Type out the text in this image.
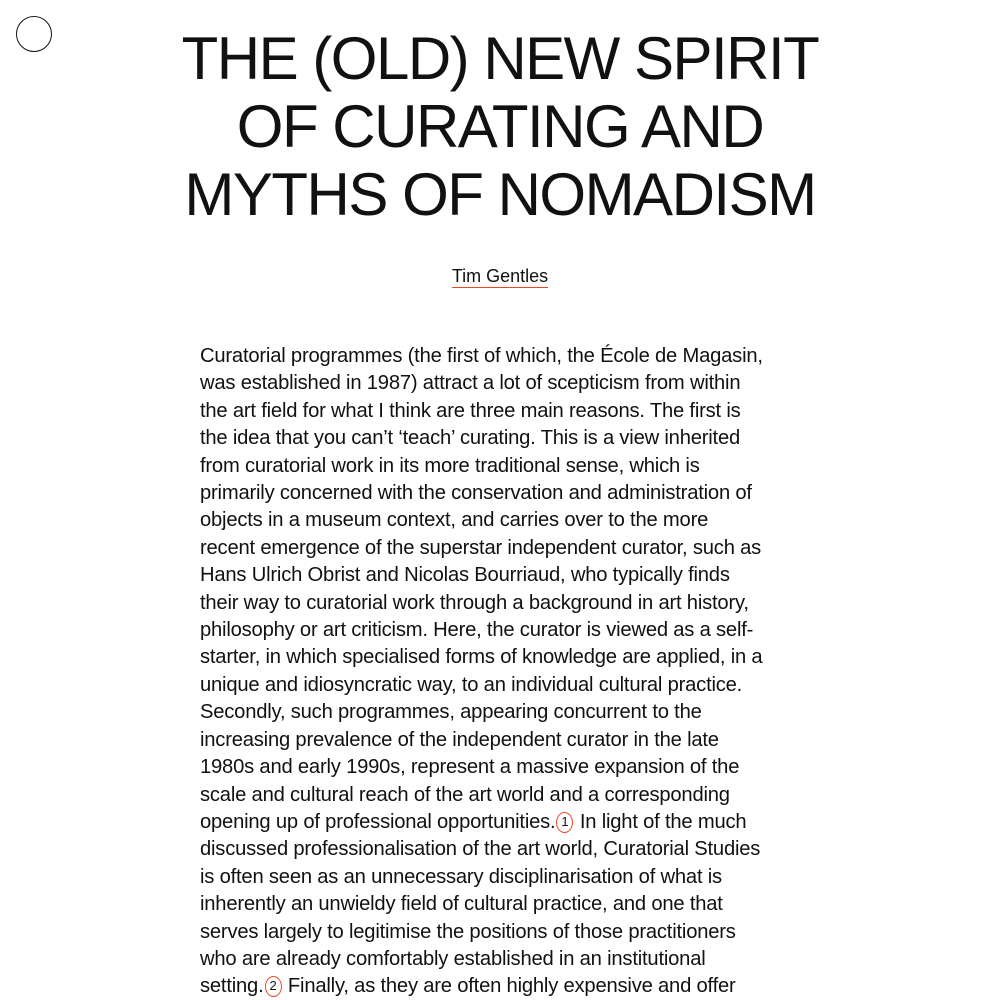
THE (OLD) NEW SPIRIT
OF CURATING AND
MYTHS OF NOMADISM
Tim Gentles
Curatorial programmes (the first of which, the École de Magasin,
was established in 1987) attract a lot of scepticism from within
the art field for what I think are three main reasons. The first is
the idea that you can’t ‘teach’ curating. This is a view inherited
from curatorial work in its more traditional sense, which is
primarily concerned with the conservation and administration of
objects in a museum context, and carries over to the more
recent emergence of the superstar independent curator, such as
Hans Ulrich Obrist and Nicolas Bourriaud, who typically finds
their way to curatorial work through a background in art history,
philosophy or art criticism. Here, the curator is viewed as a self-
starter, in which specialised forms of knowledge are applied, in a
unique and idiosyncratic way, to an individual cultural practice.
Secondly, such programmes, appearing concurrent to the
increasing prevalence of the independent curator in the late
1980s and early 1990s, represent a massive expansion of the
scale and cultural reach of the art world and a corresponding
opening up of professional opportunities. 1 In light of the much
discussed professionalisation of the art world, Curatorial Studies
is often seen as an unnecessary disciplinarisation of what is
inherently an unwieldy field of cultural practice, and one that
serves largely to legitimise the positions of those practitioners
who are already comfortably established in an institutional
setting. 2 Finally, as they are often highly expensive and offer
